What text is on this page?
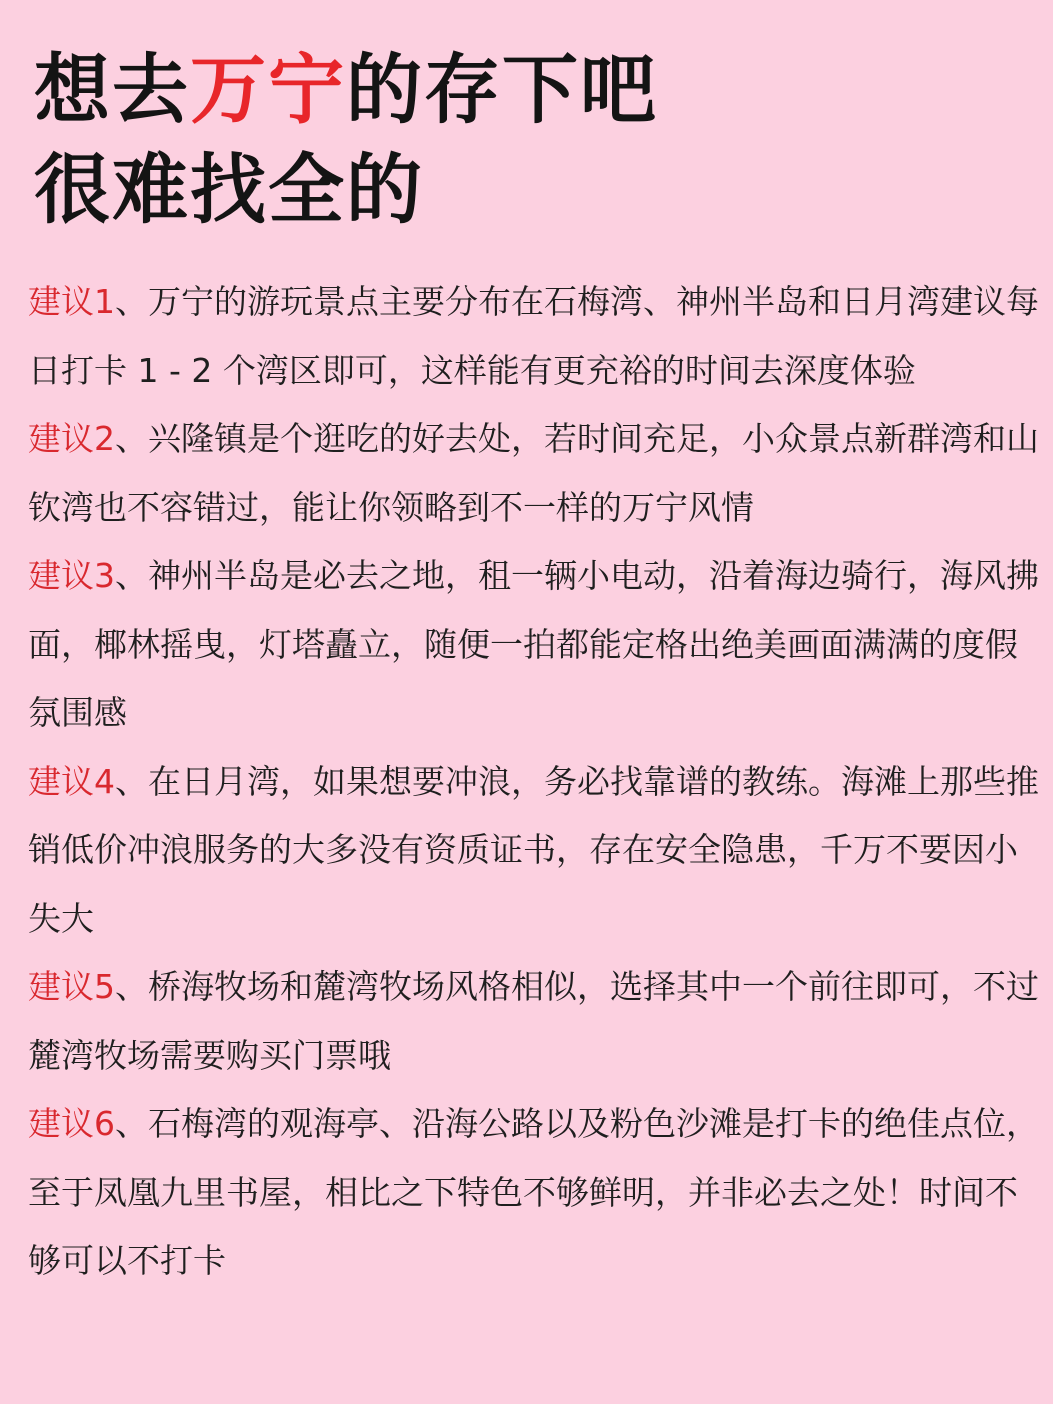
想去万宁的存下吧
很难找全的

建议1、万宁的游玩景点主要分布在石梅湾、神州半岛和日月湾建议每日打卡 1 - 2 个湾区即可，这样能有更充裕的时间去深度体验

建议2、兴隆镇是个逛吃的好去处，若时间充足，小众景点新群湾和山钦湾也不容错过，能让你领略到不一样的万宁风情

建议3、神州半岛是必去之地，租一辆小电动，沿着海边骑行，海风拂面，椰林摇曳，灯塔矗立，随便一拍都能定格出绝美画面满满的度假氛围感

建议4、在日月湾，如果想要冲浪，务必找靠谱的教练。海滩上那些推销低价冲浪服务的大多没有资质证书，存在安全隐患，千万不要因小失大

建议5、桥海牧场和麓湾牧场风格相似，选择其中一个前往即可，不过麓湾牧场需要购买门票哦

建议6、石梅湾的观海亭、沿海公路以及粉色沙滩是打卡的绝佳点位，至于凤凰九里书屋，相比之下特色不够鲜明，并非必去之处！时间不够可以不打卡
